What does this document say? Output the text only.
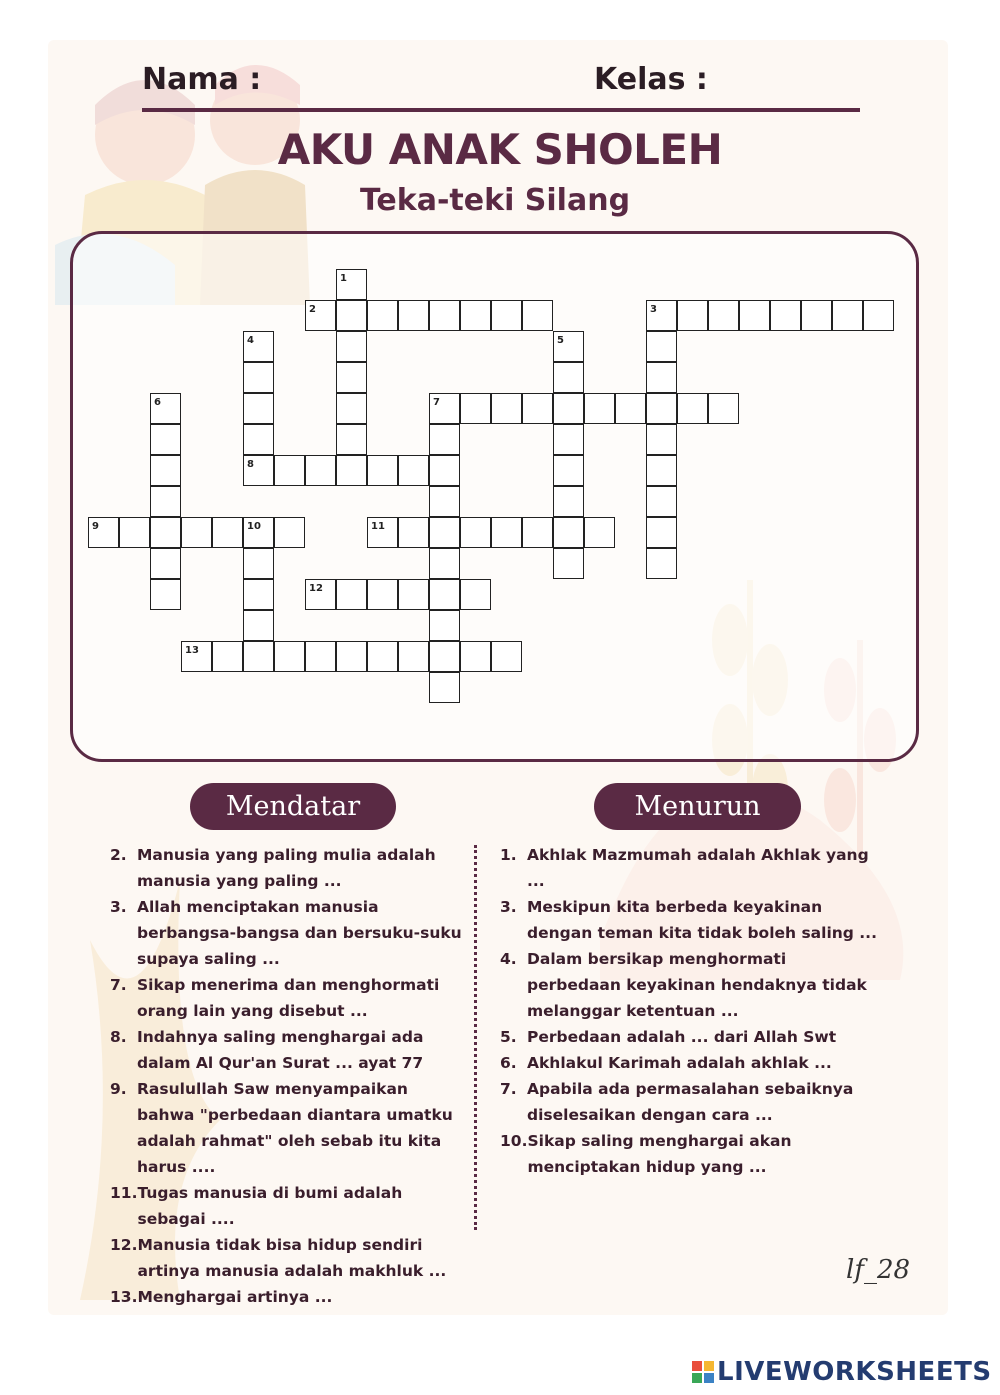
Nama :	Kelas :
AKU ANAK SHOLEH
Teka-teki Silang
1
2	3
4	5
6	7
8
9	10	11
12
13
Mendatar	Menurun
2. Manusia yang paling mulia adalah manusia yang paling ...
3. Allah menciptakan manusia berbangsa-bangsa dan bersuku-suku supaya saling ...
7. Sikap menerima dan menghormati orang lain yang disebut ...
8. Indahnya saling menghargai ada dalam Al Qur'an Surat ... ayat 77
9. Rasulullah Saw menyampaikan bahwa "perbedaan diantara umatku adalah rahmat" oleh sebab itu kita harus ....
11. Tugas manusia di bumi adalah sebagai ....
12. Manusia tidak bisa hidup sendiri artinya manusia adalah makhluk ...
13. Menghargai artinya ...
1. Akhlak Mazmumah adalah Akhlak yang ...
3. Meskipun kita berbeda keyakinan dengan teman kita tidak boleh saling ...
4. Dalam bersikap menghormati perbedaan keyakinan hendaknya tidak melanggar ketentuan ...
5. Perbedaan adalah ... dari Allah Swt
6. Akhlakul Karimah adalah akhlak ...
7. Apabila ada permasalahan sebaiknya diselesaikan dengan cara ...
10. Sikap saling menghargai akan menciptakan hidup yang ...
lf_28
LIVEWORKSHEETS
